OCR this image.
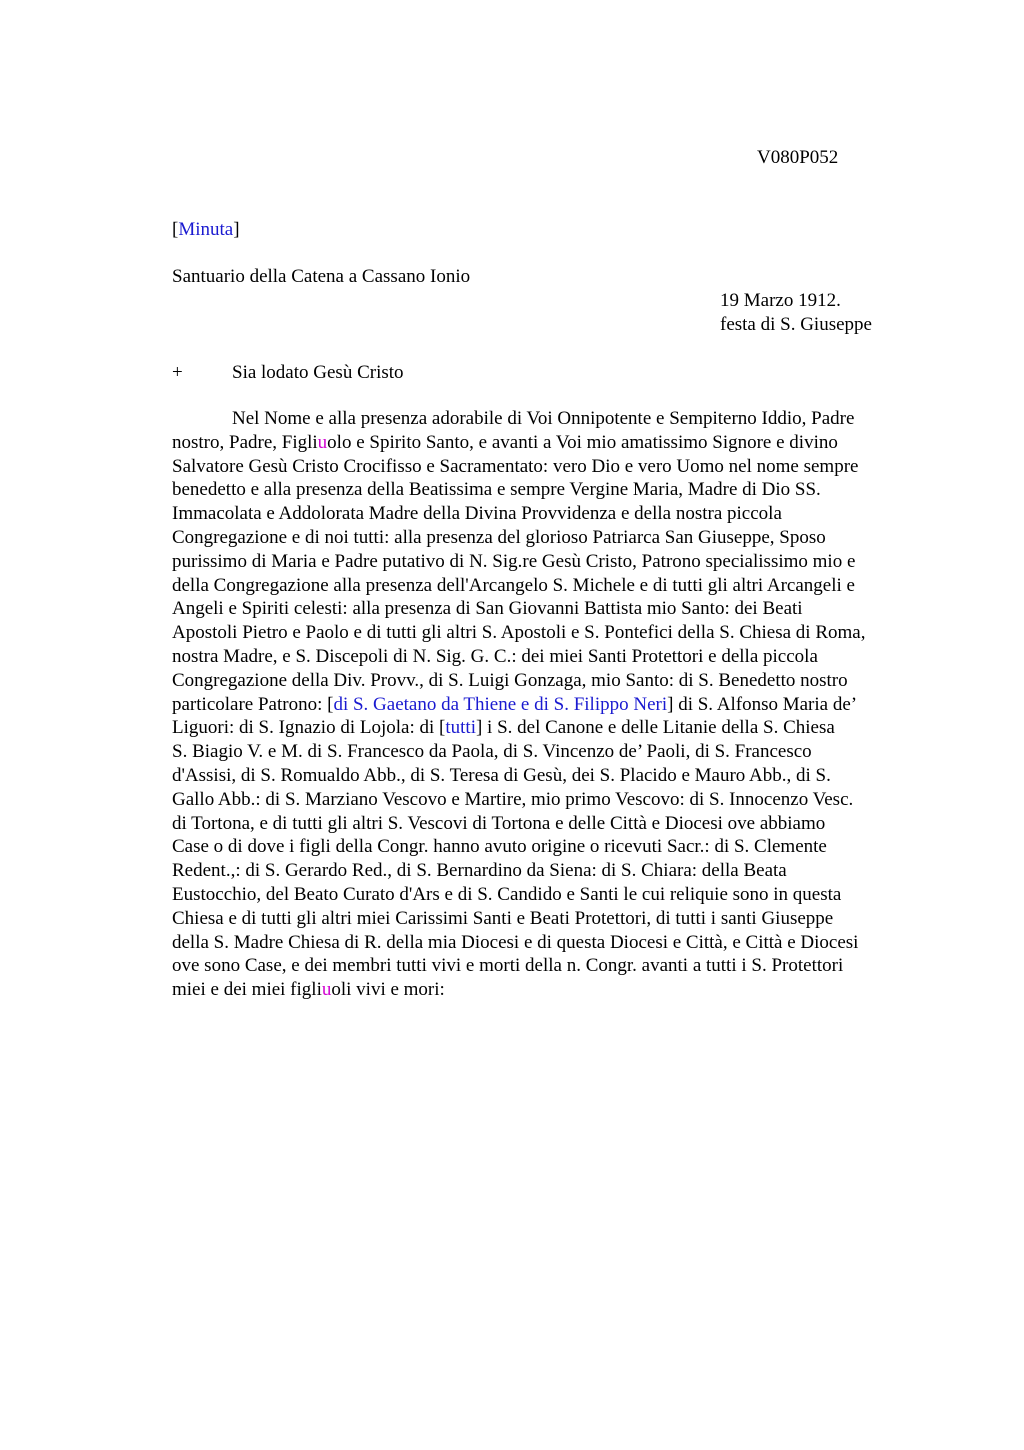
V080P052
[Minuta]
Santuario della Catena a Cassano Ionio
19 Marzo 1912.
festa di S. Giuseppe
+	Sia lodato Gesù Cristo
Nel Nome e alla presenza adorabile di Voi Onnipotente e Sempiterno Iddio, Padre
nostro, Padre, Figliuolo e Spirito Santo, e avanti a Voi mio amatissimo Signore e divino
Salvatore Gesù Cristo Crocifisso e Sacramentato: vero Dio e vero Uomo nel nome sempre
benedetto e alla presenza della Beatissima e sempre Vergine Maria, Madre di Dio SS.
Immacolata e Addolorata Madre della Divina Provvidenza e della nostra piccola
Congregazione e di noi tutti: alla presenza del glorioso Patriarca San Giuseppe, Sposo
purissimo di Maria e Padre putativo di N. Sig.re Gesù Cristo, Patrono specialissimo mio e
della Congregazione alla presenza dell'Arcangelo S. Michele e di tutti gli altri Arcangeli e
Angeli e Spiriti celesti: alla presenza di San Giovanni Battista mio Santo: dei Beati
Apostoli Pietro e Paolo e di tutti gli altri S. Apostoli e S. Pontefici della S. Chiesa di Roma,
nostra Madre, e S. Discepoli di N. Sig. G. C.: dei miei Santi Protettori e della piccola
Congregazione della Div. Provv., di S. Luigi Gonzaga, mio Santo: di S. Benedetto nostro
particolare Patrono: [di S. Gaetano da Thiene e di S. Filippo Neri] di S. Alfonso Maria de’
Liguori: di S. Ignazio di Lojola: di [tutti] i S. del Canone e delle Litanie della S. Chiesa
S. Biagio V. e M. di S. Francesco da Paola, di S. Vincenzo de’ Paoli, di S. Francesco
d'Assisi, di S. Romualdo Abb., di S. Teresa di Gesù, dei S. Placido e Mauro Abb., di S.
Gallo Abb.: di S. Marziano Vescovo e Martire, mio primo Vescovo: di S. Innocenzo Vesc.
di Tortona, e di tutti gli altri S. Vescovi di Tortona e delle Città e Diocesi ove abbiamo
Case o di dove i figli della Congr. hanno avuto origine o ricevuti Sacr.: di S. Clemente
Redent.,: di S. Gerardo Red., di S. Bernardino da Siena: di S. Chiara: della Beata
Eustocchio, del Beato Curato d'Ars e di S. Candido e Santi le cui reliquie sono in questa
Chiesa e di tutti gli altri miei Carissimi Santi e Beati Protettori, di tutti i santi Giuseppe
della S. Madre Chiesa di R. della mia Diocesi e di questa Diocesi e Città, e Città e Diocesi
ove sono Case, e dei membri tutti vivi e morti della n. Congr. avanti a tutti i S. Protettori
miei e dei miei figliuoli vivi e mori:
